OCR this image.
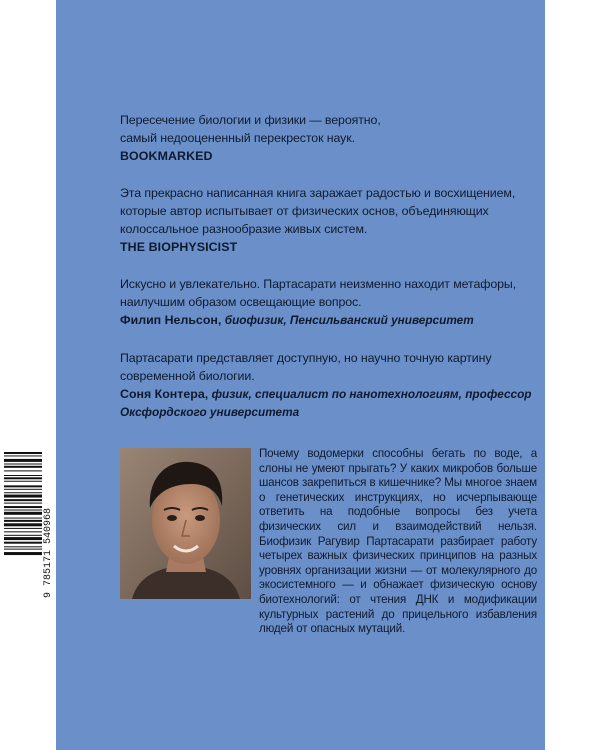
Пересечение биологии и физики — вероятно,
самый недооцененный перекресток наук.
BOOKMARKED
Эта прекрасно написанная книга заражает радостью и восхищением,
которые автор испытывает от физических основ, объединяющих
колоссальное разнообразие живых систем.
THE BIOPHYSICIST
Искусно и увлекательно. Партасарати неизменно находит метафоры,
наилучшим образом освещающие вопрос.
Филип Нельсон, биофизик, Пенсильванский университет
Партасарати представляет доступную, но научно точную картину
современной биологии.
Соня Контера, физик, специалист по нанотехнологиям, профессор
Оксфордского университета
Почему водомерки способны бегать по воде, а слоны не умеют прыгать? У каких микробов больше шансов закрепиться в кишечнике? Мы многое знаем о генетических инструкциях, но исчерпывающе ответить на подобные вопросы без учета физических сил и взаимодействий нельзя. Биофизик Рагувир Партасарати разбирает работу четырех важных физических принципов на разных уровнях организации жизни — от молекулярного до экосистемного — и обнажает физическую основу биотехнологий: от чтения ДНК и модификации культурных растений до прицельного избавления людей от опасных мутаций.
9 785171 540968
